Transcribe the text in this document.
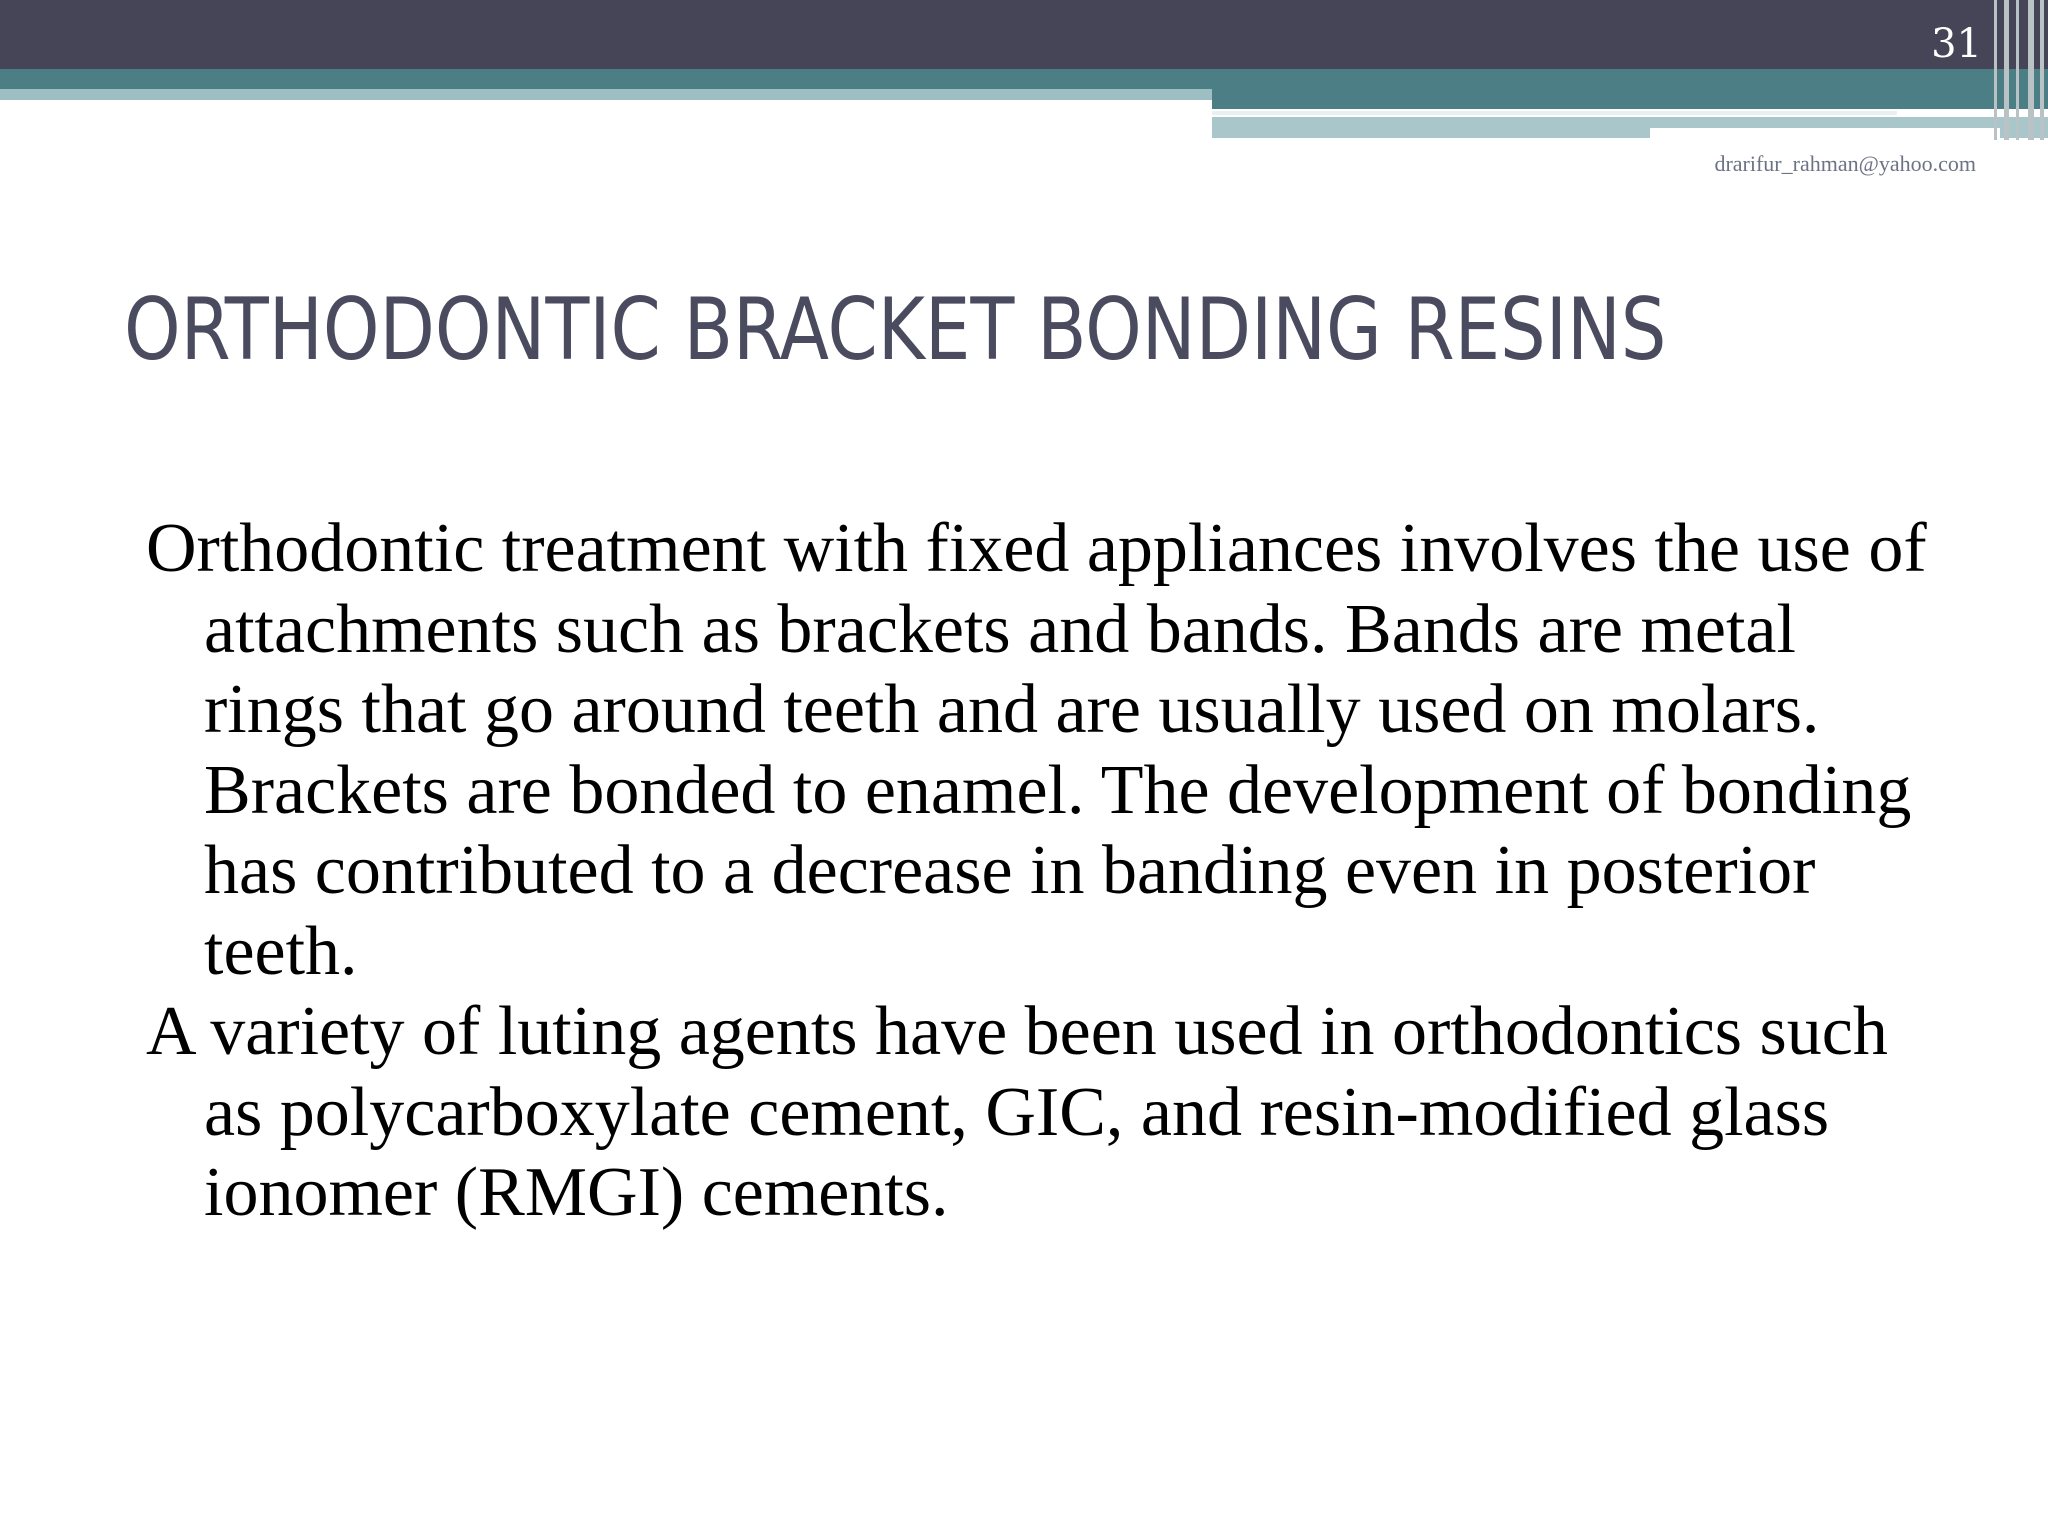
31
drarifur_rahman@yahoo.com
ORTHODONTIC BRACKET BONDING RESINS

Orthodontic treatment with fixed appliances involves the use of attachments such as brackets and bands. Bands are metal rings that go around teeth and are usually used on molars. Brackets are bonded to enamel. The development of bonding has contributed to a decrease in banding even in posterior teeth.

A variety of luting agents have been used in orthodontics such as polycarboxylate cement, GIC, and resin-modified glass ionomer (RMGI) cements.
